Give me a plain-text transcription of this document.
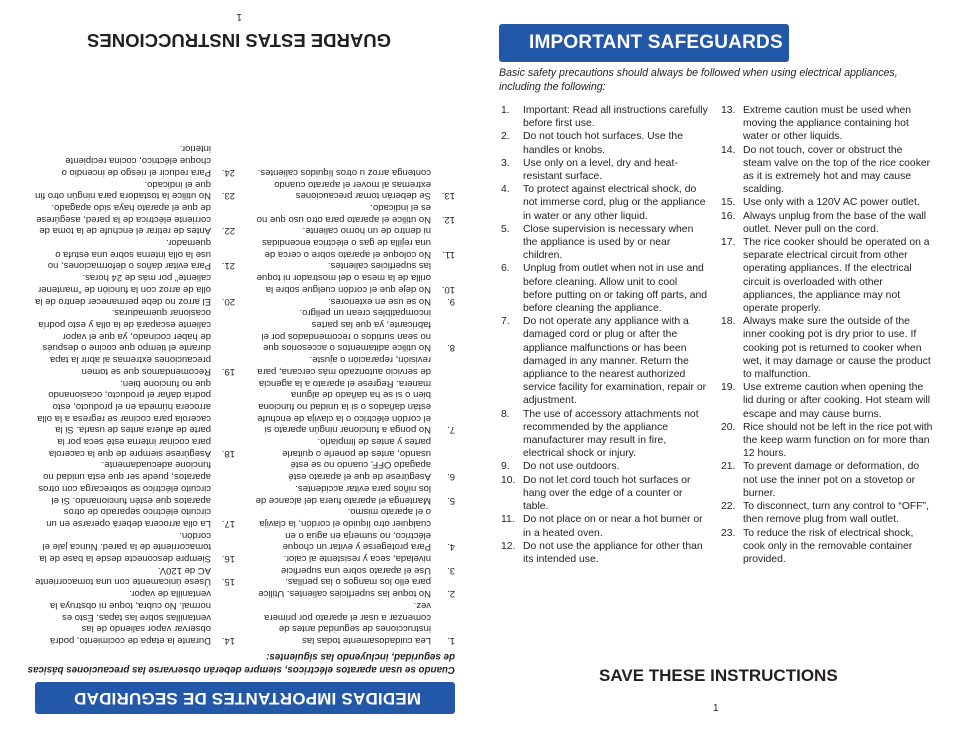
MEDIDAS IMPORTANTES DE SEGURIDAD
Cuando se usan aparatos eléctricos, siempre deberán observarse las precauciones básicas de seguridad, incluyendo las siguientes:
1.
Lea cuidadosamente todas las instrucciones de seguridad antes de comenzar a usar el aparato por primera vez.
2.
No toque las superficies calientes. Utilice para ello los mangos o las perillas.
3.
Use el aparato sobre una superficie nivelada, seca y resistente al calor.
4.
Para protegerse y evitar un choque eléctrico, no sumerja en agua o en cualquier otro líquido el cordón, la clavija o el aparato mismo.
5.
Mantenga el aparato fuera del alcance de los niños para evitar accidentes.
6.
Asegúrese de que el aparato esté apagado OFF, cuando no se esté usando, antes de ponerle o quitarle partes y antes de limpiarlo.
7.
No ponga a funcionar ningún aparato si el cordón eléctrico o la clavija de enchufe están dañados o si la unidad no funciona bien o si se ha dañado de alguna manera. Regrese el aparato a la agencia de servicio autorizado más cercana, para revisión, reparación o ajuste.
8.
No utilice aditamentos o accesorios que no sean surtidos o recomendados por el fabricante, ya que las partes incompatibles crean un peligro.
9.
No se use en exteriores.
10.
No deje que el cordón cuelgue sobre la orilla de la mesa o del mostrador ni toque las superficies calientes.
11.
No coloque el aparato sobre o cerca de una rejilla de gas o eléctrica encendidas ni dentro de un horno caliente.
12.
No utilice el aparato para otro uso que no es el indicado.
13.
Se deberán tomar precauciones extremas al mover el aparato cuando contenga arroz u otros líquidos calientes.
14.
Durante la etapa de cocimiento, podrá observar vapor saliendo de las ventanillas sobre las tapas. Esto es normal. No cubra, toque ni obstruya la ventanilla de vapor.
15.
Úsese únicamente con una tomacorriente AC de 120V.
16.
Siempre desconecte desde la base de la tomacorriente de la pared. Nunca jale el cordón.
17.
La olla arrocera deberá operarse en un circuito eléctrico separado de otros aparatos que estén funcionando. Si el circuito eléctrico se sobrecarga con otros aparatos, puede ser que esta unidad no funcione adecuadamente.
18.
Asegúrese siempre de que la cacerola para cocinar interna esté seca por la parte de afuera antes de usarla. Si la cacerola para cocinar se regresa a la olla arrocera húmeda en el producto, esto podría dañar el producto, ocasionando que no funcione bien.
19.
Recomendamos que se tomen precauciones extremas al abrir la tapa durante el tiempo que cocine o después de haber cocinado, ya que el vapor caliente escapará de la olla y esto podría ocasionar quemaduras.
20.
El arroz no debe permanecer dentro de la olla de arroz con la función de "mantener caliente" por más de 24 horas.
21.
Para evitar daños o deformaciones, no use la olla interna sobre una estufa o quemador.
22.
Antes de retirar el enchufe de la toma de corriente eléctrica de la pared, asegúrese de que el aparato haya sido apagado.
23.
No utilice la tostadora para ningún otro fin que el indicado.
24.
Para reducir el riesgo de incendio o choque eléctrico, cocina recipiente interior.
GUARDE ESTAS INSTRUCCIONES
1
IMPORTANT SAFEGUARDS
Basic safety precautions should always be followed when using electrical appliances, including the following:
1. Important: Read all instructions carefully before first use.
2. Do not touch hot surfaces. Use the handles or knobs.
3. Use only on a level, dry and heat-resistant surface.
4. To protect against electrical shock, do not immerse cord, plug or the appliance in water or any other liquid.
5. Close supervision is necessary when the appliance is used by or near children.
6. Unplug from outlet when not in use and before cleaning. Allow unit to cool before putting on or taking off parts, and before cleaning the appliance.
7. Do not operate any appliance with a damaged cord or plug or after the appliance malfunctions or has been damaged in any manner. Return the appliance to the nearest authorized service facility for examination, repair or adjustment.
8. The use of accessory attachments not recommended by the appliance manufacturer may result in fire, electrical shock or injury.
9. Do not use outdoors.
10. Do not let cord touch hot surfaces or hang over the edge of a counter or table.
11. Do not place on or near a hot burner or in a heated oven.
12. Do not use the appliance for other than its intended use.
13. Extreme caution must be used when moving the appliance containing hot water or other liquids.
14. Do not touch, cover or obstruct the steam valve on the top of the rice cooker as it is extremely hot and may cause scalding.
15. Use only with a 120V AC power outlet.
16. Always unplug from the base of the wall outlet. Never pull on the cord.
17. The rice cooker should be operated on a separate electrical circuit from other operating appliances. If the electrical circuit is overloaded with other appliances, the appliance may not operate properly.
18. Always make sure the outside of the inner cooking pot is dry prior to use. If cooking pot is returned to cooker when wet, it may damage or cause the product to malfunction.
19. Use extreme caution when opening the lid during or after cooking. Hot steam will escape and may cause burns.
20. Rice should not be left in the rice pot with the keep warm function on for more than 12 hours.
21. To prevent damage or deformation, do not use the inner pot on a stovetop or burner.
22. To disconnect, turn any control to “OFF”, then remove plug from wall outlet.
23. To reduce the risk of electrical shock, cook only in the removable container provided.
SAVE THESE INSTRUCTIONS
1
